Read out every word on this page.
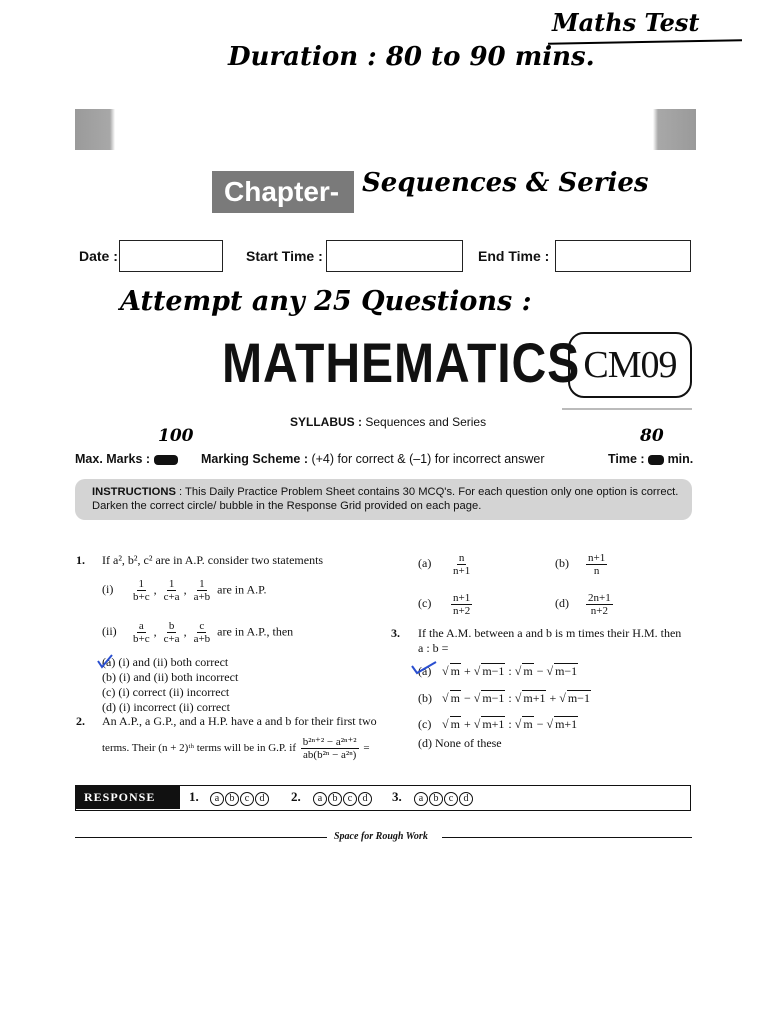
Maths Test
Duration : 80 to 90 mins.
Chapter- Sequences & Series
Date :	Start Time :	End Time :
Attempt any 25 Questions :
MATHEMATICS CM09
SYLLABUS : Sequences and Series
100	80
Max. Marks :	Marking Scheme : (+4) for correct & (–1) for incorrect answer	Time : min.
INSTRUCTIONS : This Daily Practice Problem Sheet contains 30 MCQ's. For each question only one option is correct.
Darken the correct circle/ bubble in the Response Grid provided on each page.
1. If a², b², c² are in A.P. consider two statements
$(i) \frac{1}{b+c}$ , $\frac{1}{c+a}$ , $\frac{1}{a+b}$ are in A.P.
$(ii) \frac{a}{b+c}$ , $\frac{b}{c+a}$ , $\frac{c}{a+b}$ are in A.P., then
(a) (i) and (ii) both correct
(b) (i) and (ii) both incorrect
(c) (i) correct (ii) incorrect
(d) (i) incorrect (ii) correct
2. An A.P., a G.P., and a H.P. have a and b for their first two
terms. Their (n + 2)ᵗʰ terms will be in G.P. if $\frac{\text{b²ⁿ⁺² − a²ⁿ⁺²}}{\text{ab(b²ⁿ − a²ⁿ)}}$ =
$(a) \frac{n}{n+1}$	$(b) \frac{n+1}{n}$
$(c) \frac{n+1}{n+2}$	$(d) \frac{2n+1}{n+2}$
3. If the A.M. between a and b is m times their H.M. then
a : b =
(a) √ m + √ m−1 : √ m − √ m−1
(b) √ m − √ m−1 : √ m+1 + √ m−1
(c) √ m + √ m+1 : √ m − √ m+1
(d) None of these
RESPONSE GRID
1.	a b c d	2.	a b c d	3.	a b c d
Space for Rough Work
